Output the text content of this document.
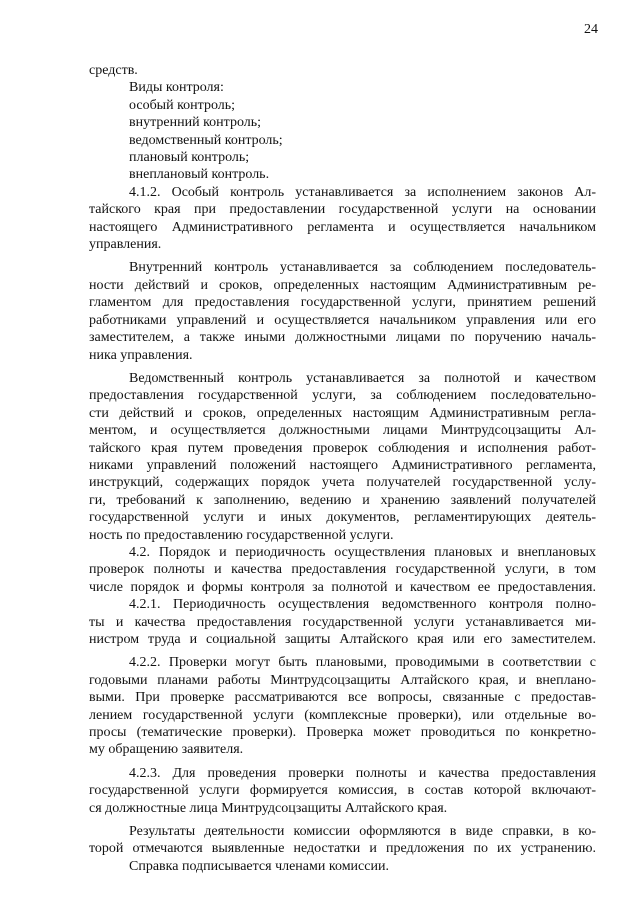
24
средств.
Виды контроля:
особый контроль;
внутренний контроль;
ведомственный контроль;
плановый контроль;
внеплановый контроль.
4.1.2. Особый контроль устанавливается за исполнением законов Ал-
тайского края при предоставлении государственной услуги на основании
настоящего Административного регламента и осуществляется начальником
управления.
Внутренний контроль устанавливается за соблюдением последователь-
ности действий и сроков, определенных настоящим Административным ре-
гламентом для предоставления государственной услуги, принятием решений
работниками управлений и осуществляется начальником управления или его
заместителем, а также иными должностными лицами по поручению началь-
ника управления.
Ведомственный контроль устанавливается за полнотой и качеством
предоставления государственной услуги, за соблюдением последовательно-
сти действий и сроков, определенных настоящим Административным регла-
ментом, и осуществляется должностными лицами Минтрудсоцзащиты Ал-
тайского края путем проведения проверок соблюдения и исполнения работ-
никами управлений положений настоящего Административного регламента,
инструкций, содержащих порядок учета получателей государственной услу-
ги, требований к заполнению, ведению и хранению заявлений получателей
государственной услуги и иных документов, регламентирующих деятель-
ность по предоставлению государственной услуги.
4.2. Порядок и периодичность осуществления плановых и внеплановых
проверок полноты и качества предоставления государственной услуги, в том
числе порядок и формы контроля за полнотой и качеством ее предоставления.
4.2.1. Периодичность осуществления ведомственного контроля полно-
ты и качества предоставления государственной услуги устанавливается ми-
нистром труда и социальной защиты Алтайского края или его заместителем.
4.2.2. Проверки могут быть плановыми, проводимыми в соответствии с
годовыми планами работы Минтрудсоцзащиты Алтайского края, и внеплано-
выми. При проверке рассматриваются все вопросы, связанные с предостав-
лением государственной услуги (комплексные проверки), или отдельные во-
просы (тематические проверки). Проверка может проводиться по конкретно-
му обращению заявителя.
4.2.3. Для проведения проверки полноты и качества предоставления
государственной услуги формируется комиссия, в состав которой включают-
ся должностные лица Минтрудсоцзащиты Алтайского края.
Результаты деятельности комиссии оформляются в виде справки, в ко-
торой отмечаются выявленные недостатки и предложения по их устранению.
Справка подписывается членами комиссии.
